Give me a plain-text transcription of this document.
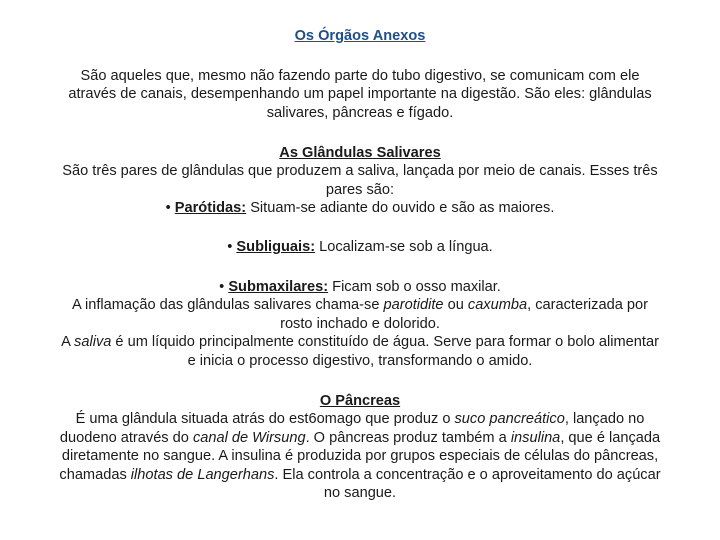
Os Órgãos Anexos

São aqueles que, mesmo não fazendo parte do tubo digestivo, se comunicam com ele
através de canais, desempenhando um papel importante na digestão. São eles: glândulas
salivares, pâncreas e fígado.

As Glândulas Salivares
São três pares de glândulas que produzem a saliva, lançada por meio de canais. Esses três
pares são:
• Parótidas: Situam-se adiante do ouvido e são as maiores.

• Subliguais: Localizam-se sob a língua.

• Submaxilares: Ficam sob o osso maxilar.
A inflamação das glândulas salivares chama-se parotidite ou caxumba, caracterizada por
rosto inchado e dolorido.
A saliva é um líquido principalmente constituído de água. Serve para formar o bolo alimentar
e inicia o processo digestivo, transformando o amido.

O Pâncreas
É uma glândula situada atrás do est6omago que produz o suco pancreático, lançado no
duodeno através do canal de Wirsung. O pâncreas produz também a insulina, que é lançada
diretamente no sangue. A insulina é produzida por grupos especiais de células do pâncreas,
chamadas ilhotas de Langerhans. Ela controla a concentração e o aproveitamento do açúcar
no sangue.
